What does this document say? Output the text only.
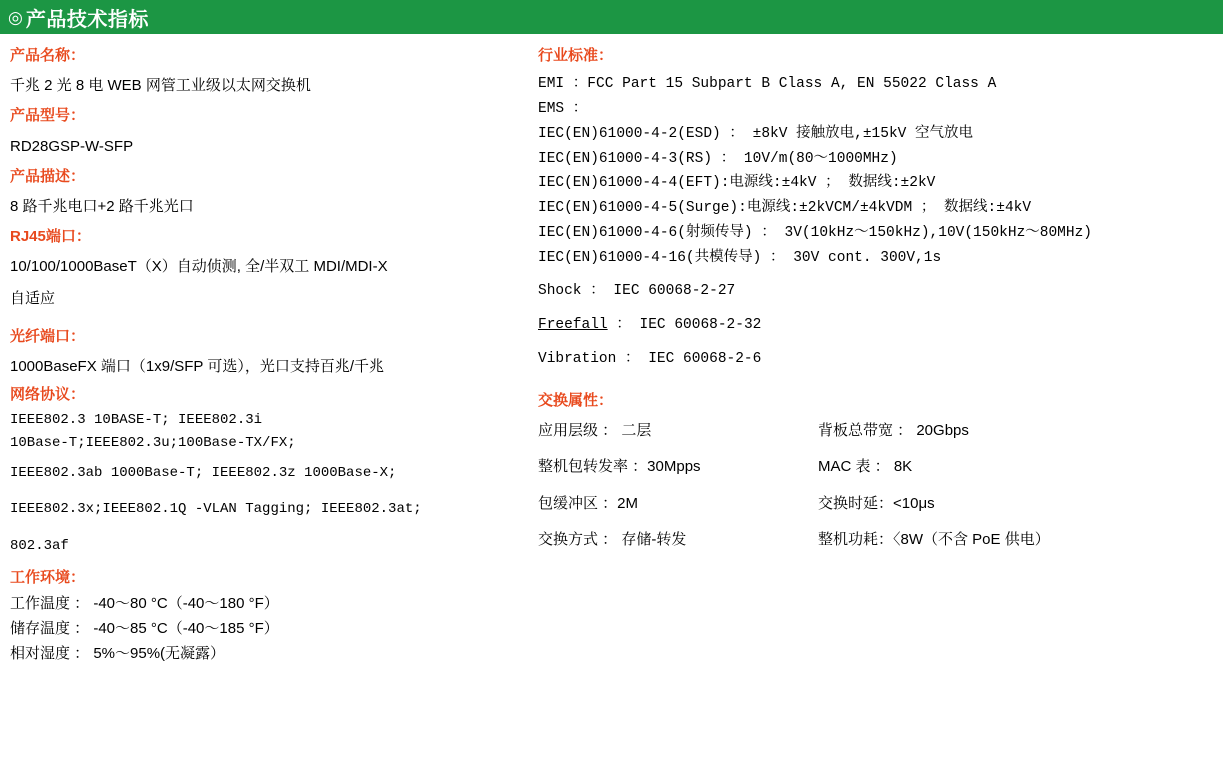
◎ 产品技术指标
产品名称：
千兆 2 光 8 电 WEB 网管工业级以太网交换机
产品型号：
RD28GSP-W-SFP
产品描述：
8 路千兆电口+2 路千兆光口
RJ45端口：
10/100/1000BaseT（X）自动侦测, 全/半双工 MDI/MDI-X
自适应
光纤端口：
1000BaseFX 端口（1x9/SFP 可选），光口支持百兆/千兆
网络协议：
IEEE802.3 10BASE-T; IEEE802.3i
10Base-T;IEEE802.3u;100Base-TX/FX;
IEEE802.3ab 1000Base-T; IEEE802.3z 1000Base-X;
IEEE802.3x;IEEE802.1Q -VLAN Tagging; IEEE802.3at;
802.3af
工作环境：
工作温度 ： -40～80 °C（-40～180 °F）
储存温度 ： -40～85 °C（-40～185 °F）
相对湿度 ： 5%～95%(无凝露）
行业标准：
EMI ：FCC Part 15 Subpart B Class A, EN 55022 Class A
EMS ：
IEC(EN)61000-4-2(ESD) ： ±8kV 接触放电,±15kV 空气放电
IEC(EN)61000-4-3(RS) ： 10V/m(80～1000MHz)
IEC(EN)61000-4-4(EFT):电源线:±4kV ； 数据线:±2kV
IEC(EN)61000-4-5(Surge):电源线:±2kVCM/±4kVDM ； 数据线:±4kV
IEC(EN)61000-4-6(射频传导) ： 3V(10kHz～150kHz),10V(150kHz～80MHz)
IEC(EN)61000-4-16(共模传导) ： 30V cont. 300V,1s
Shock ： IEC 60068-2-27
Freefall ： IEC 60068-2-32
Vibration ： IEC 60068-2-6
交换属性：
应用层级 ： 二层	背板总带宽 ： 20Gbps
整机包转发率 ：30Mpps	MAC 表 ： 8K
包缓冲区 ：2M	交换时延：<10μs
交换方式 ： 存储-转发	整机功耗：〈8W（不含 PoE 供电）
